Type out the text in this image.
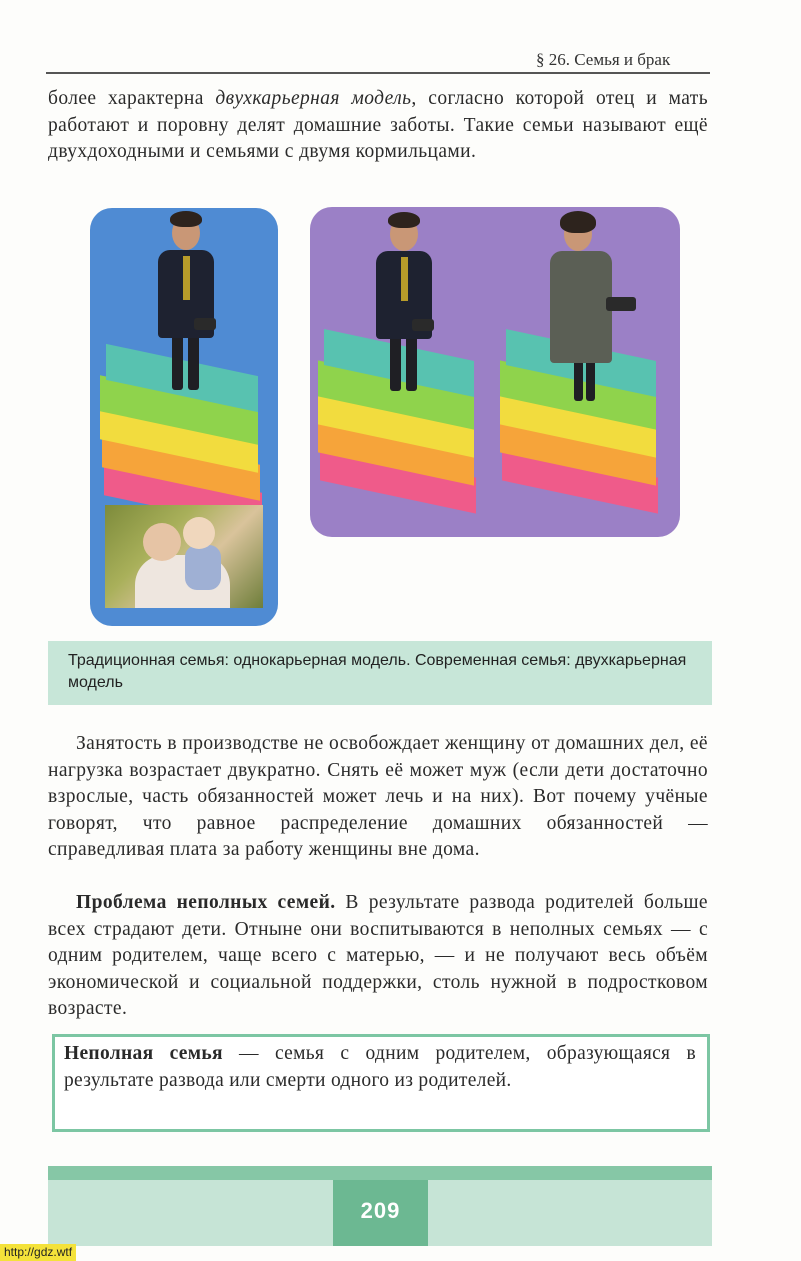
§ 26. Семья и брак
более характерна двухкарьерная модель, согласно которой отец и мать работают и поровну делят домашние заботы. Такие семьи называют ещё двухдоходными и семьями с двумя кормильцами.
Традиционная семья: однокарьерная модель. Современная семья: двухкарьерная модель
Занятость в производстве не освобождает женщину от домашних дел, её нагрузка возрастает двукратно. Снять её может муж (если дети достаточно взрослые, часть обязанностей может лечь и на них). Вот почему учёные говорят, что равное распределение домашних обязанностей — справедливая плата за работу женщины вне дома.
Проблема неполных семей. В результате развода родителей больше всех страдают дети. Отныне они воспитываются в неполных семьях — с одним родителем, чаще всего с матерью, — и не получают весь объём экономической и социальной поддержки, столь нужной в подростковом возрасте.
Неполная семья — семья с одним родителем, образующаяся в результате развода или смерти одного из родителей.
209
http://gdz.wtf
